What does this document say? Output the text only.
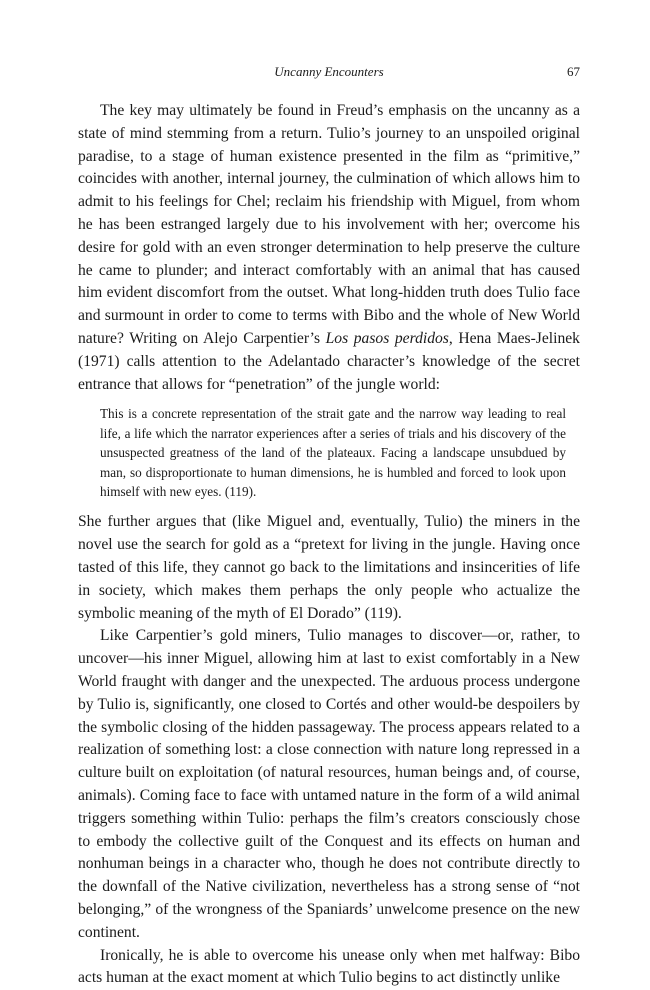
Uncanny Encounters	67

The key may ultimately be found in Freud’s emphasis on the uncanny as a state of mind stemming from a return. Tulio’s journey to an unspoiled original paradise, to a stage of human existence presented in the film as “primitive,” coincides with another, internal journey, the culmination of which allows him to admit to his feelings for Chel; reclaim his friendship with Miguel, from whom he has been estranged largely due to his involvement with her; overcome his desire for gold with an even stronger determination to help preserve the culture he came to plunder; and interact comfortably with an animal that has caused him evident discomfort from the outset. What long-hidden truth does Tulio face and surmount in order to come to terms with Bibo and the whole of New World nature? Writing on Alejo Carpentier’s Los pasos perdidos, Hena Maes-Jelinek (1971) calls attention to the Adelantado character’s knowledge of the secret entrance that allows for “penetration” of the jungle world:

This is a concrete representation of the strait gate and the narrow way leading to real life, a life which the narrator experiences after a series of trials and his discovery of the unsuspected greatness of the land of the plateaux. Facing a landscape unsubdued by man, so disproportionate to human dimensions, he is humbled and forced to look upon himself with new eyes. (119).

She further argues that (like Miguel and, eventually, Tulio) the miners in the novel use the search for gold as a “pretext for living in the jungle. Having once tasted of this life, they cannot go back to the limitations and insincerities of life in society, which makes them perhaps the only people who actualize the symbolic meaning of the myth of El Dorado” (119).

Like Carpentier’s gold miners, Tulio manages to discover—or, rather, to uncover—his inner Miguel, allowing him at last to exist comfortably in a New World fraught with danger and the unexpected. The arduous process undergone by Tulio is, significantly, one closed to Cortés and other would-be despoilers by the symbolic closing of the hidden passageway. The process appears related to a realization of something lost: a close connection with nature long repressed in a culture built on exploitation (of natural resources, human beings and, of course, animals). Coming face to face with untamed nature in the form of a wild animal triggers something within Tulio: perhaps the film’s creators consciously chose to embody the collective guilt of the Conquest and its effects on human and nonhuman beings in a character who, though he does not contribute directly to the downfall of the Native civilization, nevertheless has a strong sense of “not belonging,” of the wrongness of the Spaniards’ unwelcome presence on the new continent.

Ironically, he is able to overcome his unease only when met halfway: Bibo acts human at the exact moment at which Tulio begins to act distinctly unlike
